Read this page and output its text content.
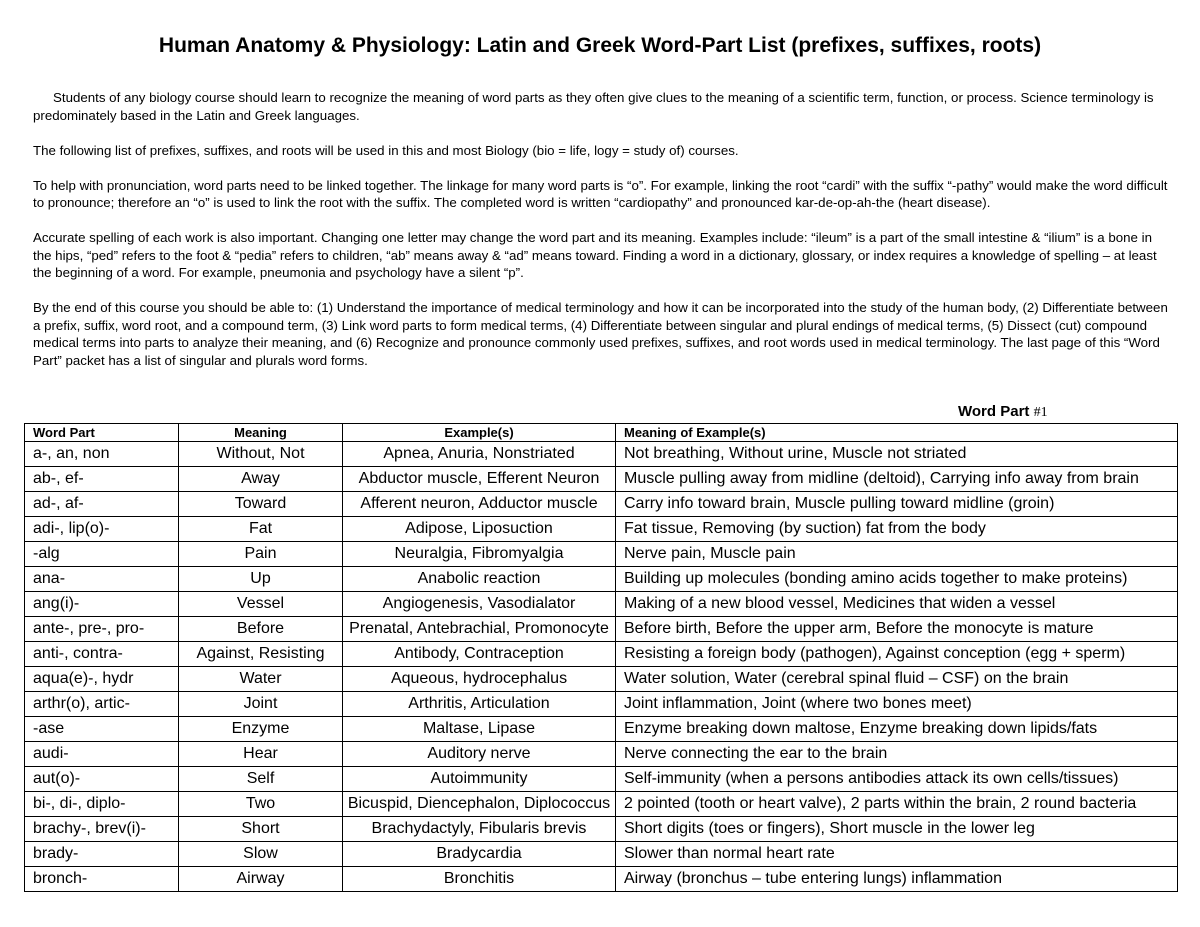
Human Anatomy & Physiology: Latin and Greek Word-Part List (prefixes, suffixes, roots)

Students of any biology course should learn to recognize the meaning of word parts as they often give clues to the meaning of a scientific term, function, or process. Science terminology is predominately based in the Latin and Greek languages.

The following list of prefixes, suffixes, and roots will be used in this and most Biology (bio = life, logy = study of) courses.

To help with pronunciation, word parts need to be linked together. The linkage for many word parts is “o”. For example, linking the root “cardi” with the suffix “-pathy” would make the word difficult to pronounce; therefore an “o” is used to link the root with the suffix. The completed word is written “cardiopathy” and pronounced kar-de-op-ah-the (heart disease).

Accurate spelling of each work is also important. Changing one letter may change the word part and its meaning. Examples include: “ileum” is a part of the small intestine & “ilium” is a bone in the hips, “ped” refers to the foot & “pedia” refers to children, “ab” means away & “ad” means toward. Finding a word in a dictionary, glossary, or index requires a knowledge of spelling – at least the beginning of a word. For example, pneumonia and psychology have a silent “p”.

By the end of this course you should be able to: (1) Understand the importance of medical terminology and how it can be incorporated into the study of the human body, (2) Differentiate between a prefix, suffix, word root, and a compound term, (3) Link word parts to form medical terms, (4) Differentiate between singular and plural endings of medical terms, (5) Dissect (cut) compound medical terms into parts to analyze their meaning, and (6) Recognize and pronounce commonly used prefixes, suffixes, and root words used in medical terminology. The last page of this “Word Part” packet has a list of singular and plurals word forms.

Word Part #1
Word Part	Meaning	Example(s)	Meaning of Example(s)
a-, an, non	Without, Not	Apnea, Anuria, Nonstriated	Not breathing, Without urine, Muscle not striated
ab-, ef-	Away	Abductor muscle, Efferent Neuron	Muscle pulling away from midline (deltoid), Carrying info away from brain
ad-, af-	Toward	Afferent neuron, Adductor muscle	Carry info toward brain, Muscle pulling toward midline (groin)
adi-, lip(o)-	Fat	Adipose, Liposuction	Fat tissue, Removing (by suction) fat from the body
-alg	Pain	Neuralgia, Fibromyalgia	Nerve pain, Muscle pain
ana-	Up	Anabolic reaction	Building up molecules (bonding amino acids together to make proteins)
ang(i)-	Vessel	Angiogenesis, Vasodialator	Making of a new blood vessel, Medicines that widen a vessel
ante-, pre-, pro-	Before	Prenatal, Antebrachial, Promonocyte	Before birth, Before the upper arm, Before the monocyte is mature
anti-, contra-	Against, Resisting	Antibody, Contraception	Resisting a foreign body (pathogen), Against conception (egg + sperm)
aqua(e)-, hydr	Water	Aqueous, hydrocephalus	Water solution, Water (cerebral spinal fluid – CSF) on the brain
arthr(o), artic-	Joint	Arthritis, Articulation	Joint inflammation, Joint (where two bones meet)
-ase	Enzyme	Maltase, Lipase	Enzyme breaking down maltose, Enzyme breaking down lipids/fats
audi-	Hear	Auditory nerve	Nerve connecting the ear to the brain
aut(o)-	Self	Autoimmunity	Self-immunity (when a persons antibodies attack its own cells/tissues)
bi-, di-, diplo-	Two	Bicuspid, Diencephalon, Diplococcus	2 pointed (tooth or heart valve), 2 parts within the brain, 2 round bacteria
brachy-, brev(i)-	Short	Brachydactyly, Fibularis brevis	Short digits (toes or fingers), Short muscle in the lower leg
brady-	Slow	Bradycardia	Slower than normal heart rate
bronch-	Airway	Bronchitis	Airway (bronchus – tube entering lungs) inflammation
